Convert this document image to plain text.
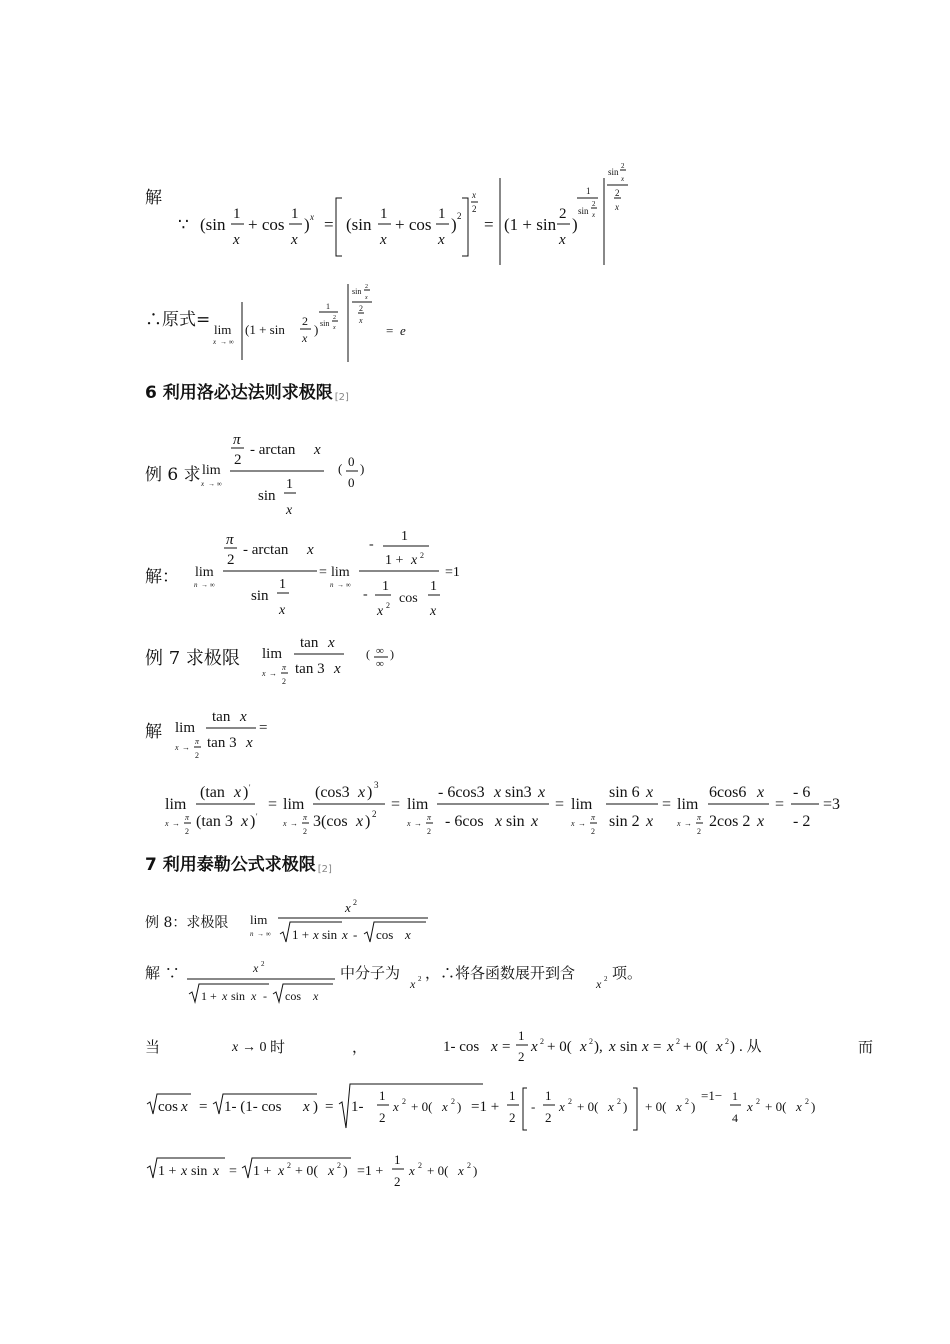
解
∵ (sin
1
x
+ cos
1
x
) x = (sin
1
x
+ cos
1
x
) 2
x
2
= (1 + sin
2
x
)
1
sin
2
x
sin
2
x
2
x
∴原式= lim
x → ∞
(1 + sin
2
x
)
1
sin
2
x
sin 2
x
2
x
= e
6 利用洛必达法则求极限 [2]
例 6 求 lim
x → ∞
π
2
- arctan x
sin
1
x
( 0
0
)
解： lim
n → ∞
π
2
- arctan x
sin
1
x
= lim
n → ∞
-
1
1 + x 2
-
1
x 2 cos
1
x
=1
例 7 求极限 lim
x →
π
2
tan x
tan 3 x
( ∞
∞
)
解 lim
x →
π
2
tan x
tan 3 x
=
lim
x →
π
2
(tan x ) '
(tan 3 x ) '
= lim
x →
π
2
(cos3 x ) 3
3(cos x ) 2
= lim
x →
π
2
- 6cos3 x sin3 x
- 6cos x sin x
= lim
x →
π
2
sin 6 x
sin 2 x
= lim
x →
π
2
6cos6 x
2cos 2 x
=
- 6
- 2
=3
7 利用泰勒公式求极限 [2]
例 8：求极限 lim
n → ∞
x 2
1 + x sin x - cos x
解 ∵	x 2
1 + x sin x - cos x
中分子为
x 2 ，∴将各函数展开到含
x 2 项。
当	x → 0 时	，	1- cos x =
1
2
x 2 + 0( x 2 ), x sin x = x 2 + 0( x 2 ) . 从	而
cos x = 1- (1- cos x ) = 1-
1
2
x 2 + 0( x 2 ) =1 +
1
2
-
1
2
x 2 + 0( x 2 ) + 0( x 2 )
=1− 1
4
x 2 + 0( x 2 )
1 + x sin x = 1 + x 2 + 0( x 2 ) =1 +
1
2
x 2 + 0( x 2 )
